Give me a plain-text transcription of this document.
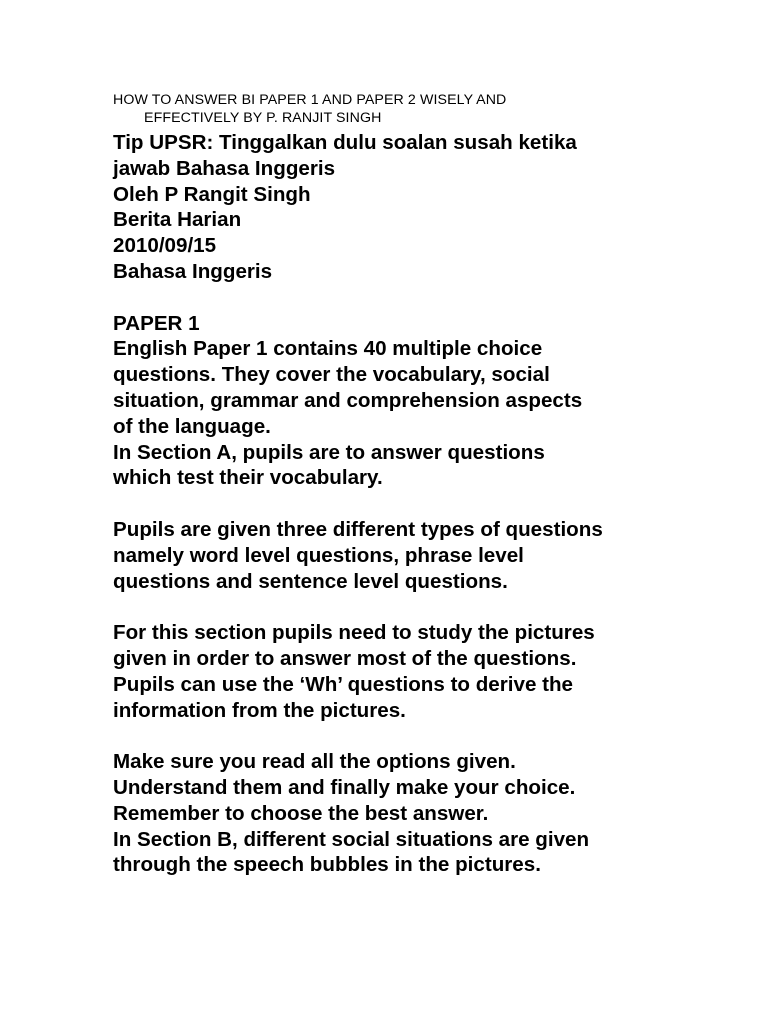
HOW TO ANSWER BI PAPER 1 AND PAPER 2 WISELY AND
EFFECTIVELY BY P. RANJIT SINGH

Tip UPSR: Tinggalkan dulu soalan susah ketika

jawab Bahasa Inggeris

Oleh P Rangit Singh

Berita Harian

2010/09/15

Bahasa Inggeris

PAPER 1

English Paper 1 contains 40 multiple choice

questions. They cover the vocabulary, social

situation, grammar and comprehension aspects

of the language.

In Section A, pupils are to answer questions

which test their vocabulary.

Pupils are given three different types of questions

namely word level questions, phrase level

questions and sentence level questions.

For this section pupils need to study the pictures

given in order to answer most of the questions.

Pupils can use the ‘Wh’ questions to derive the

information from the pictures.

Make sure you read all the options given.

Understand them and finally make your choice.

Remember to choose the best answer.

In Section B, different social situations are given

through the speech bubbles in the pictures.
